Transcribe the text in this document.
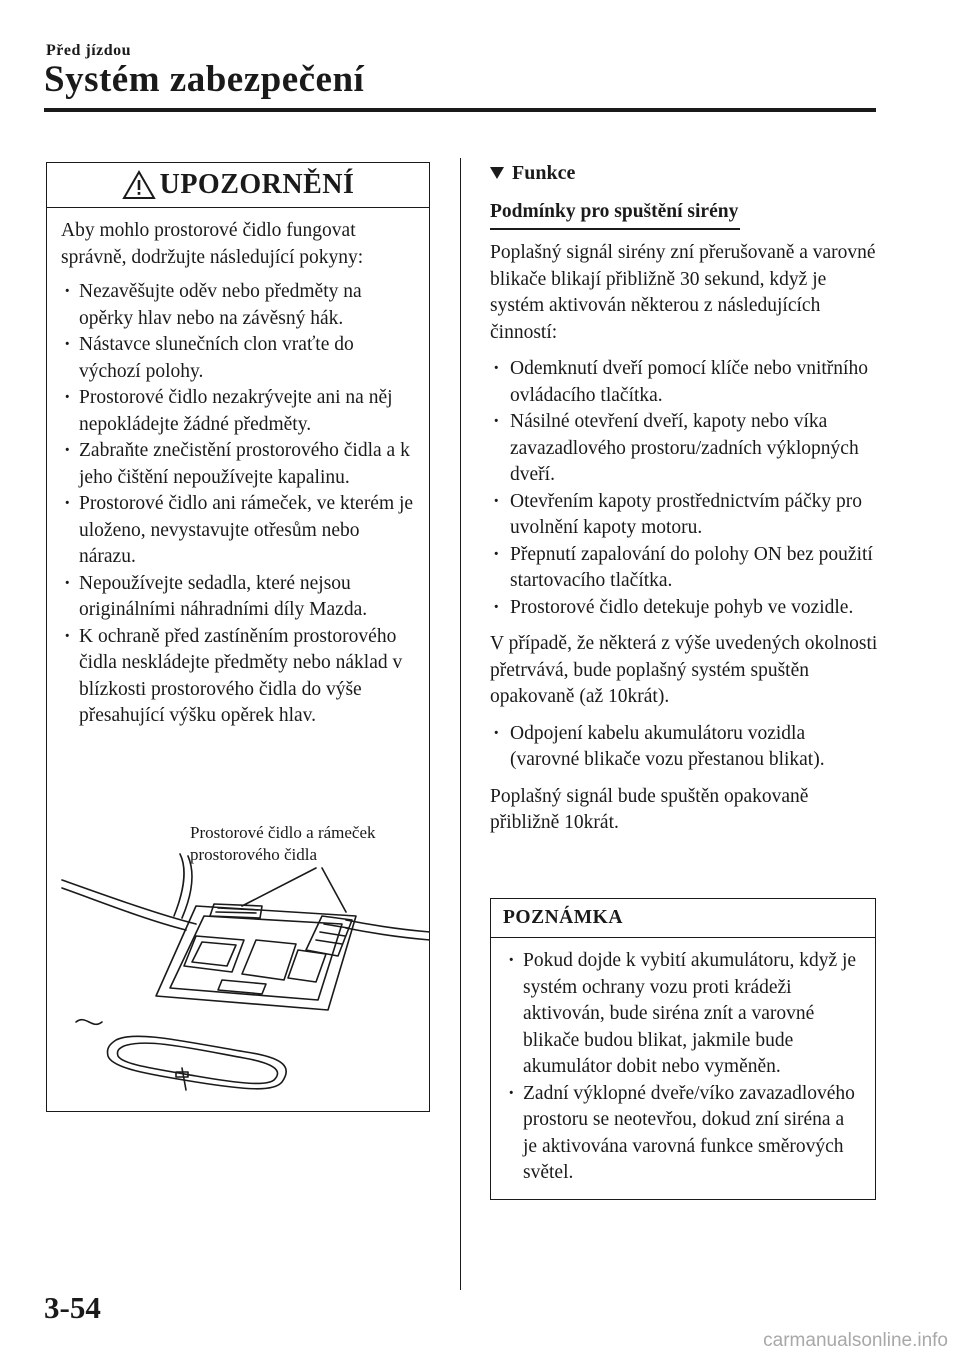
Před jízdou
Systém zabezpečení
UPOZORNĚNÍ

Aby mohlo prostorové čidlo fungovat správně, dodržujte následující pokyny:

· Nezavěšujte oděv nebo předměty na opěrky hlav nebo na závěsný hák.
· Nástavce slunečních clon vraťte do výchozí polohy.
· Prostorové čidlo nezakrývejte ani na něj nepokládejte žádné předměty.
· Zabraňte znečistění prostorového čidla a k jeho čištění nepoužívejte kapalinu.
· Prostorové čidlo ani rámeček, ve kterém je uloženo, nevystavujte otřesům nebo nárazu.
· Nepoužívejte sedadla, které nejsou originálními náhradními díly Mazda.
· K ochraně před zastíněním prostorového čidla neskládejte předměty nebo náklad v blízkosti prostorového čidla do výše přesahující výšku opěrek hlav.
Prostorové čidlo a rámeček
prostorového čidla
Funkce
Podmínky pro spuštění sirény

Poplašný signál sirény zní přerušovaně a varovné blikače blikají přibližně 30 sekund, když je systém aktivován některou z následujících činností:

· Odemknutí dveří pomocí klíče nebo vnitřního ovládacího tlačítka.
· Násilné otevření dveří, kapoty nebo víka zavazadlového prostoru/zadních výklopných dveří.
· Otevřením kapoty prostřednictvím páčky pro uvolnění kapoty motoru.
· Přepnutí zapalování do polohy ON bez použití startovacího tlačítka.
· Prostorové čidlo detekuje pohyb ve vozidle.

V případě, že některá z výše uvedených okolnosti přetrvává, bude poplašný systém spuštěn opakovaně (až 10krát).

· Odpojení kabelu akumulátoru vozidla (varovné blikače vozu přestanou blikat).

Poplašný signál bude spuštěn opakovaně přibližně 10krát.

POZNÁMKA
· Pokud dojde k vybití akumulátoru, když je systém ochrany vozu proti krádeži aktivován, bude siréna znít a varovné blikače budou blikat, jakmile bude akumulátor dobit nebo vyměněn.
· Zadní výklopné dveře/víko zavazadlového prostoru se neotevřou, dokud zní siréna a je aktivována varovná funkce směrových světel.
3-54
carmanualsonline.info
